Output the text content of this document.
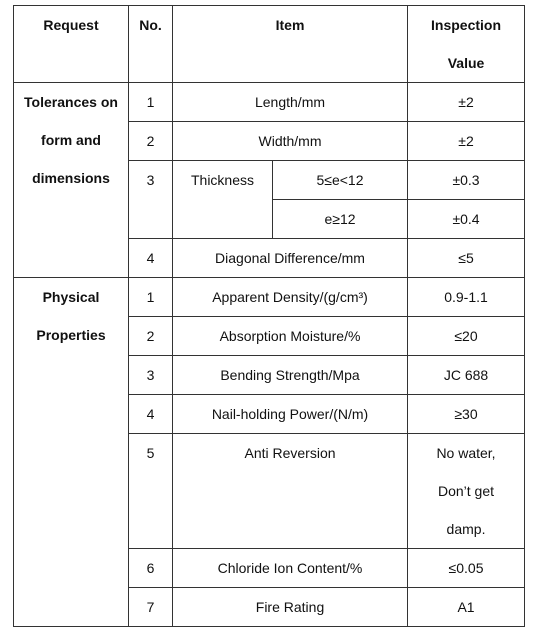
Request	No.	Item		Inspection
Value

Tolerances on
form and
dimensions	1	Length/mm		±2

	2	Width/mm		±2

	3	Thickness	5≤e<12	±0.3

			e≥12	±0.4

	4	Diagonal Difference/mm		≤5

Physical
Properties	1	Apparent Density/(g/cm³)		0.9-1.1

	2	Absorption Moisture/%		≤20

	3	Bending Strength/Mpa		JC 688

	4	Nail-holding Power/(N/m)		≥30

	5	Anti Reversion		No water,
Don’t get
damp.

	6	Chloride Ion Content/%		≤0.05

	7	Fire Rating		A1
